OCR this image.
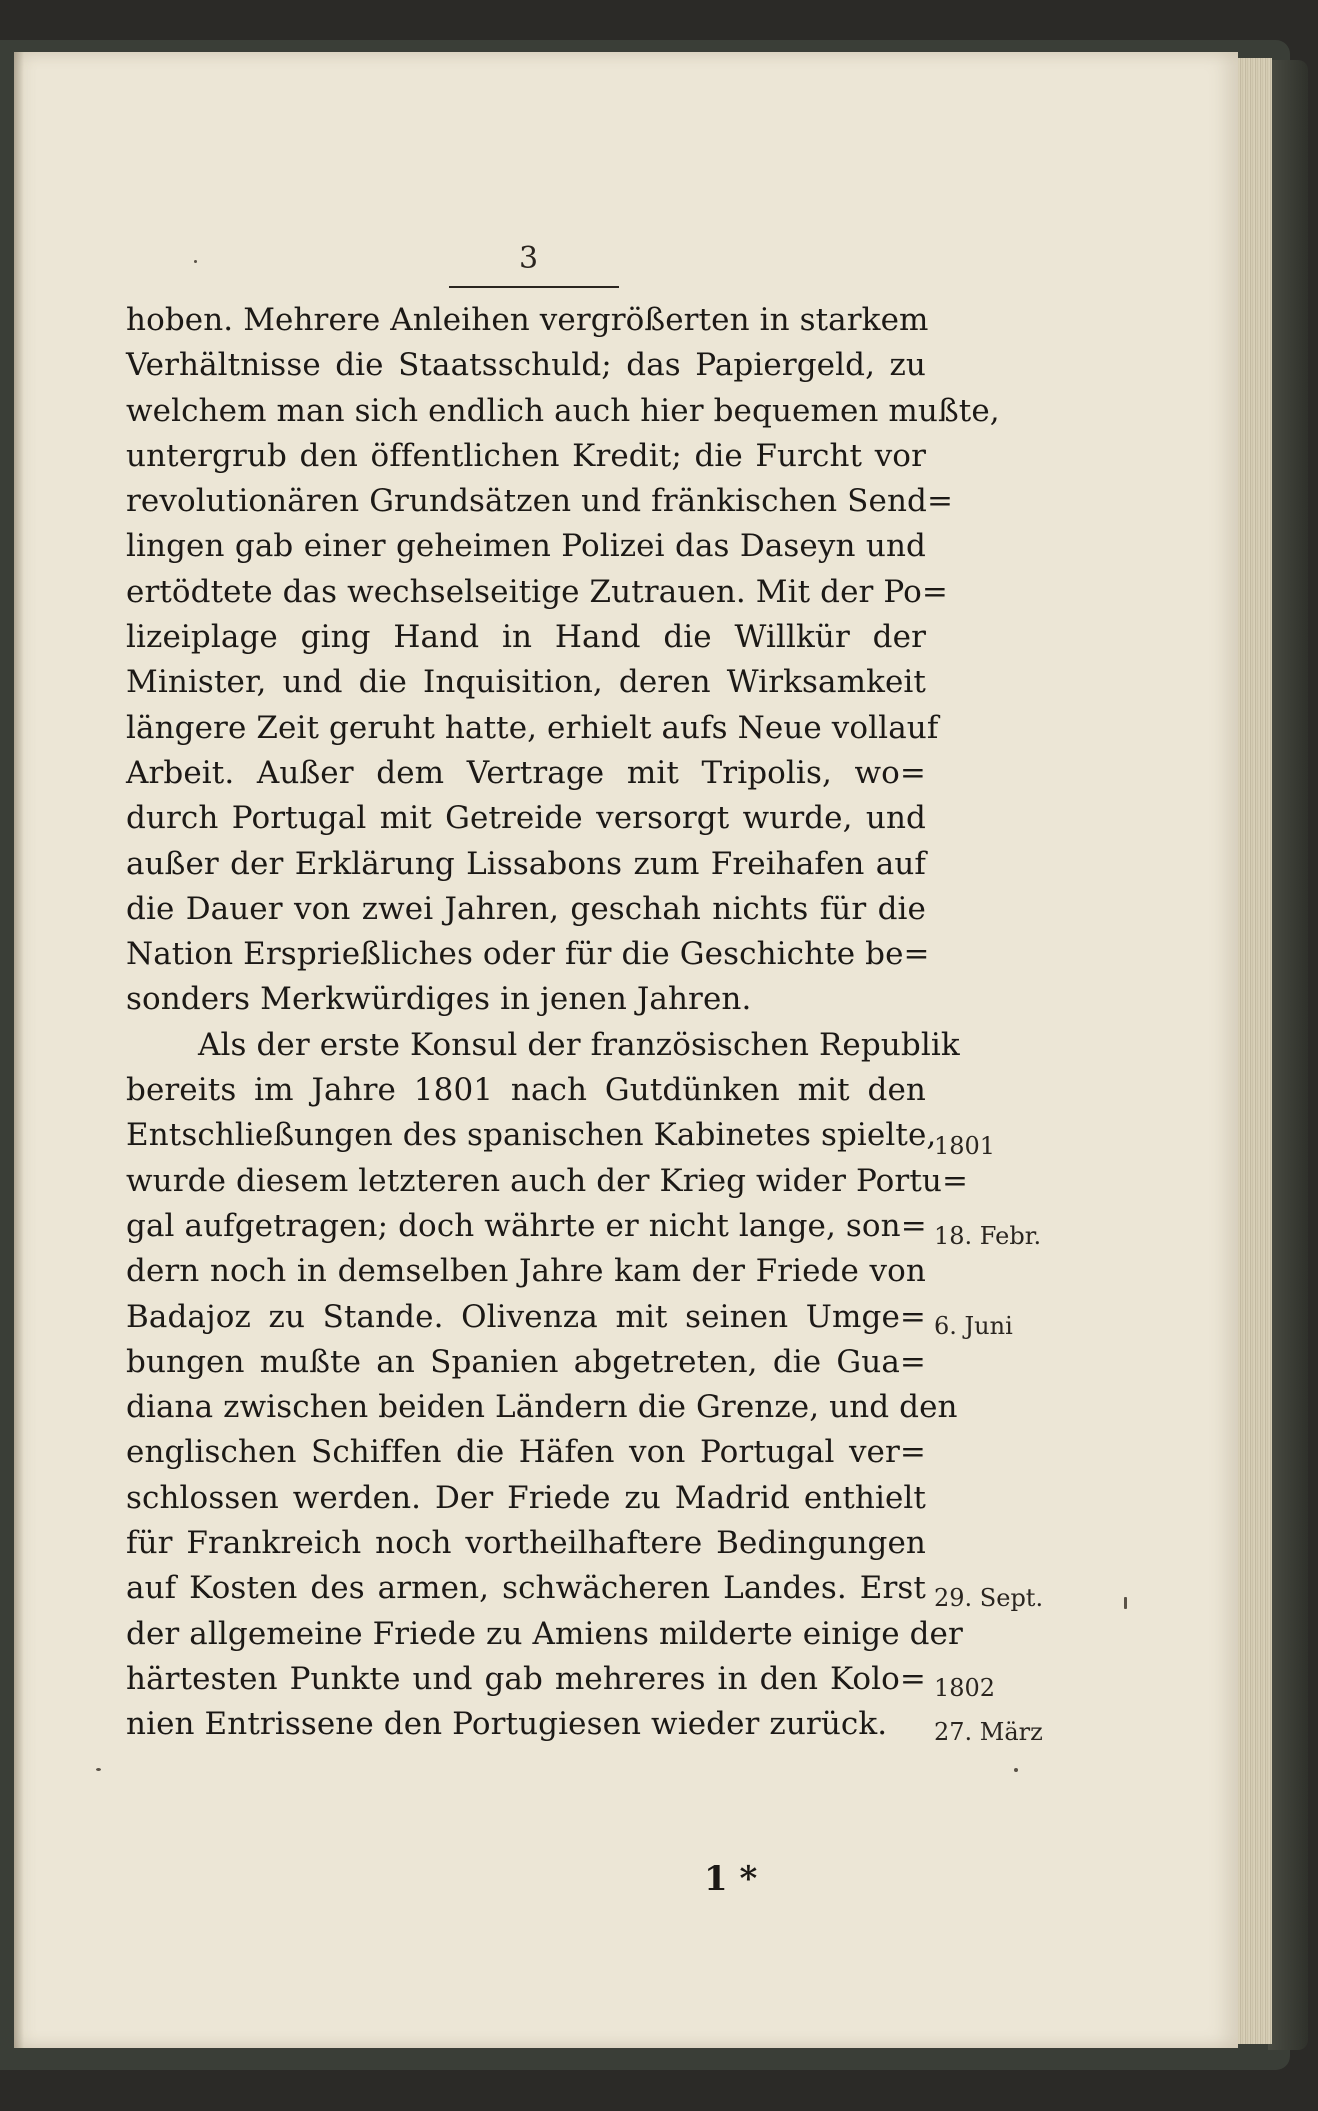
3
hoben. Mehrere Anleihen vergrößerten in starkem
Verhältnisse die Staatsschuld; das Papiergeld, zu
welchem man sich endlich auch hier bequemen mußte,
untergrub den öffentlichen Kredit; die Furcht vor
revolutionären Grundsätzen und fränkischen Send=
lingen gab einer geheimen Polizei das Daseyn und
ertödtete das wechselseitige Zutrauen. Mit der Po=
lizeiplage ging Hand in Hand die Willkür der
Minister, und die Inquisition, deren Wirksamkeit
längere Zeit geruht hatte, erhielt aufs Neue vollauf
Arbeit. Außer dem Vertrage mit Tripolis, wo=
durch Portugal mit Getreide versorgt wurde, und
außer der Erklärung Lissabons zum Freihafen auf
die Dauer von zwei Jahren, geschah nichts für die
Nation Ersprießliches oder für die Geschichte be=
sonders Merkwürdiges in jenen Jahren.
Als der erste Konsul der französischen Republik
bereits im Jahre 1801 nach Gutdünken mit den
Entschließungen des spanischen Kabinetes spielte,
wurde diesem letzteren auch der Krieg wider Portu=
gal aufgetragen; doch währte er nicht lange, son=
dern noch in demselben Jahre kam der Friede von
Badajoz zu Stande. Olivenza mit seinen Umge=
bungen mußte an Spanien abgetreten, die Gua=
diana zwischen beiden Ländern die Grenze, und den
englischen Schiffen die Häfen von Portugal ver=
schlossen werden. Der Friede zu Madrid enthielt
für Frankreich noch vortheilhaftere Bedingungen
auf Kosten des armen, schwächeren Landes. Erst
der allgemeine Friede zu Amiens milderte einige der
härtesten Punkte und gab mehreres in den Kolo=
nien Entrissene den Portugiesen wieder zurück.
1801
18. Febr.
6. Juni
29. Sept.
1802
27. März
1 *
